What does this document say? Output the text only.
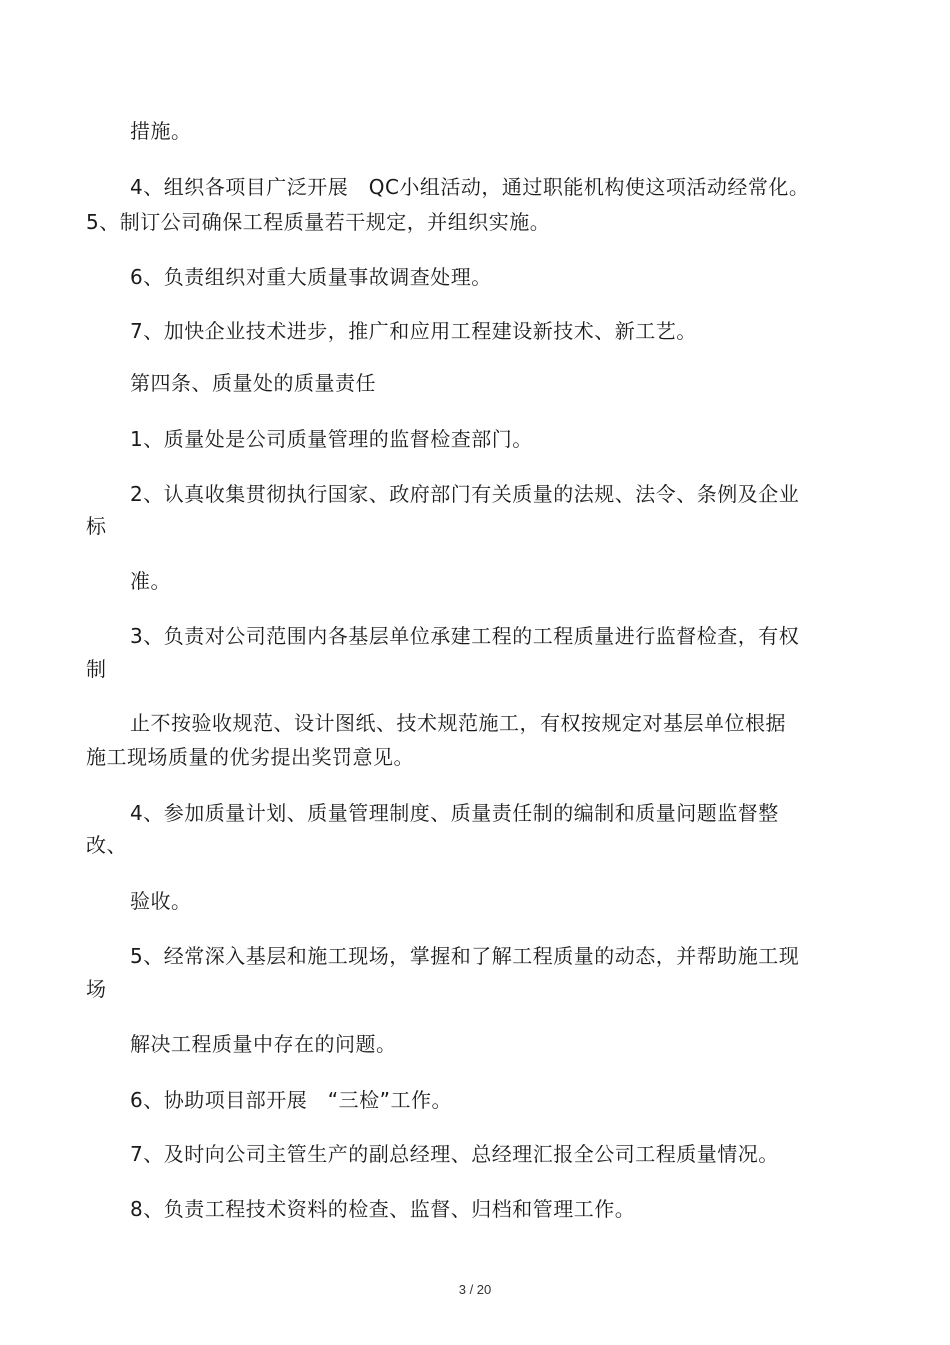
措施。
4、组织各项目广泛开展　QC小组活动，通过职能机构使这项活动经常化。
5、制订公司确保工程质量若干规定，并组织实施。
6、负责组织对重大质量事故调查处理。
7、加快企业技术进步，推广和应用工程建设新技术、新工艺。
第四条、质量处的质量责任
1、质量处是公司质量管理的监督检查部门。
2、认真收集贯彻执行国家、政府部门有关质量的法规、法令、条例及企业
标
准。
3、负责对公司范围内各基层单位承建工程的工程质量进行监督检查，有权
制
止不按验收规范、设计图纸、技术规范施工，有权按规定对基层单位根据
施工现场质量的优劣提出奖罚意见。
4、参加质量计划、质量管理制度、质量责任制的编制和质量问题监督整
改、
验收。
5、经常深入基层和施工现场，掌握和了解工程质量的动态，并帮助施工现
场
解决工程质量中存在的问题。
6、协助项目部开展　“三检”工作。
7、及时向公司主管生产的副总经理、总经理汇报全公司工程质量情况。
8、负责工程技术资料的检查、监督、归档和管理工作。
3 / 20
